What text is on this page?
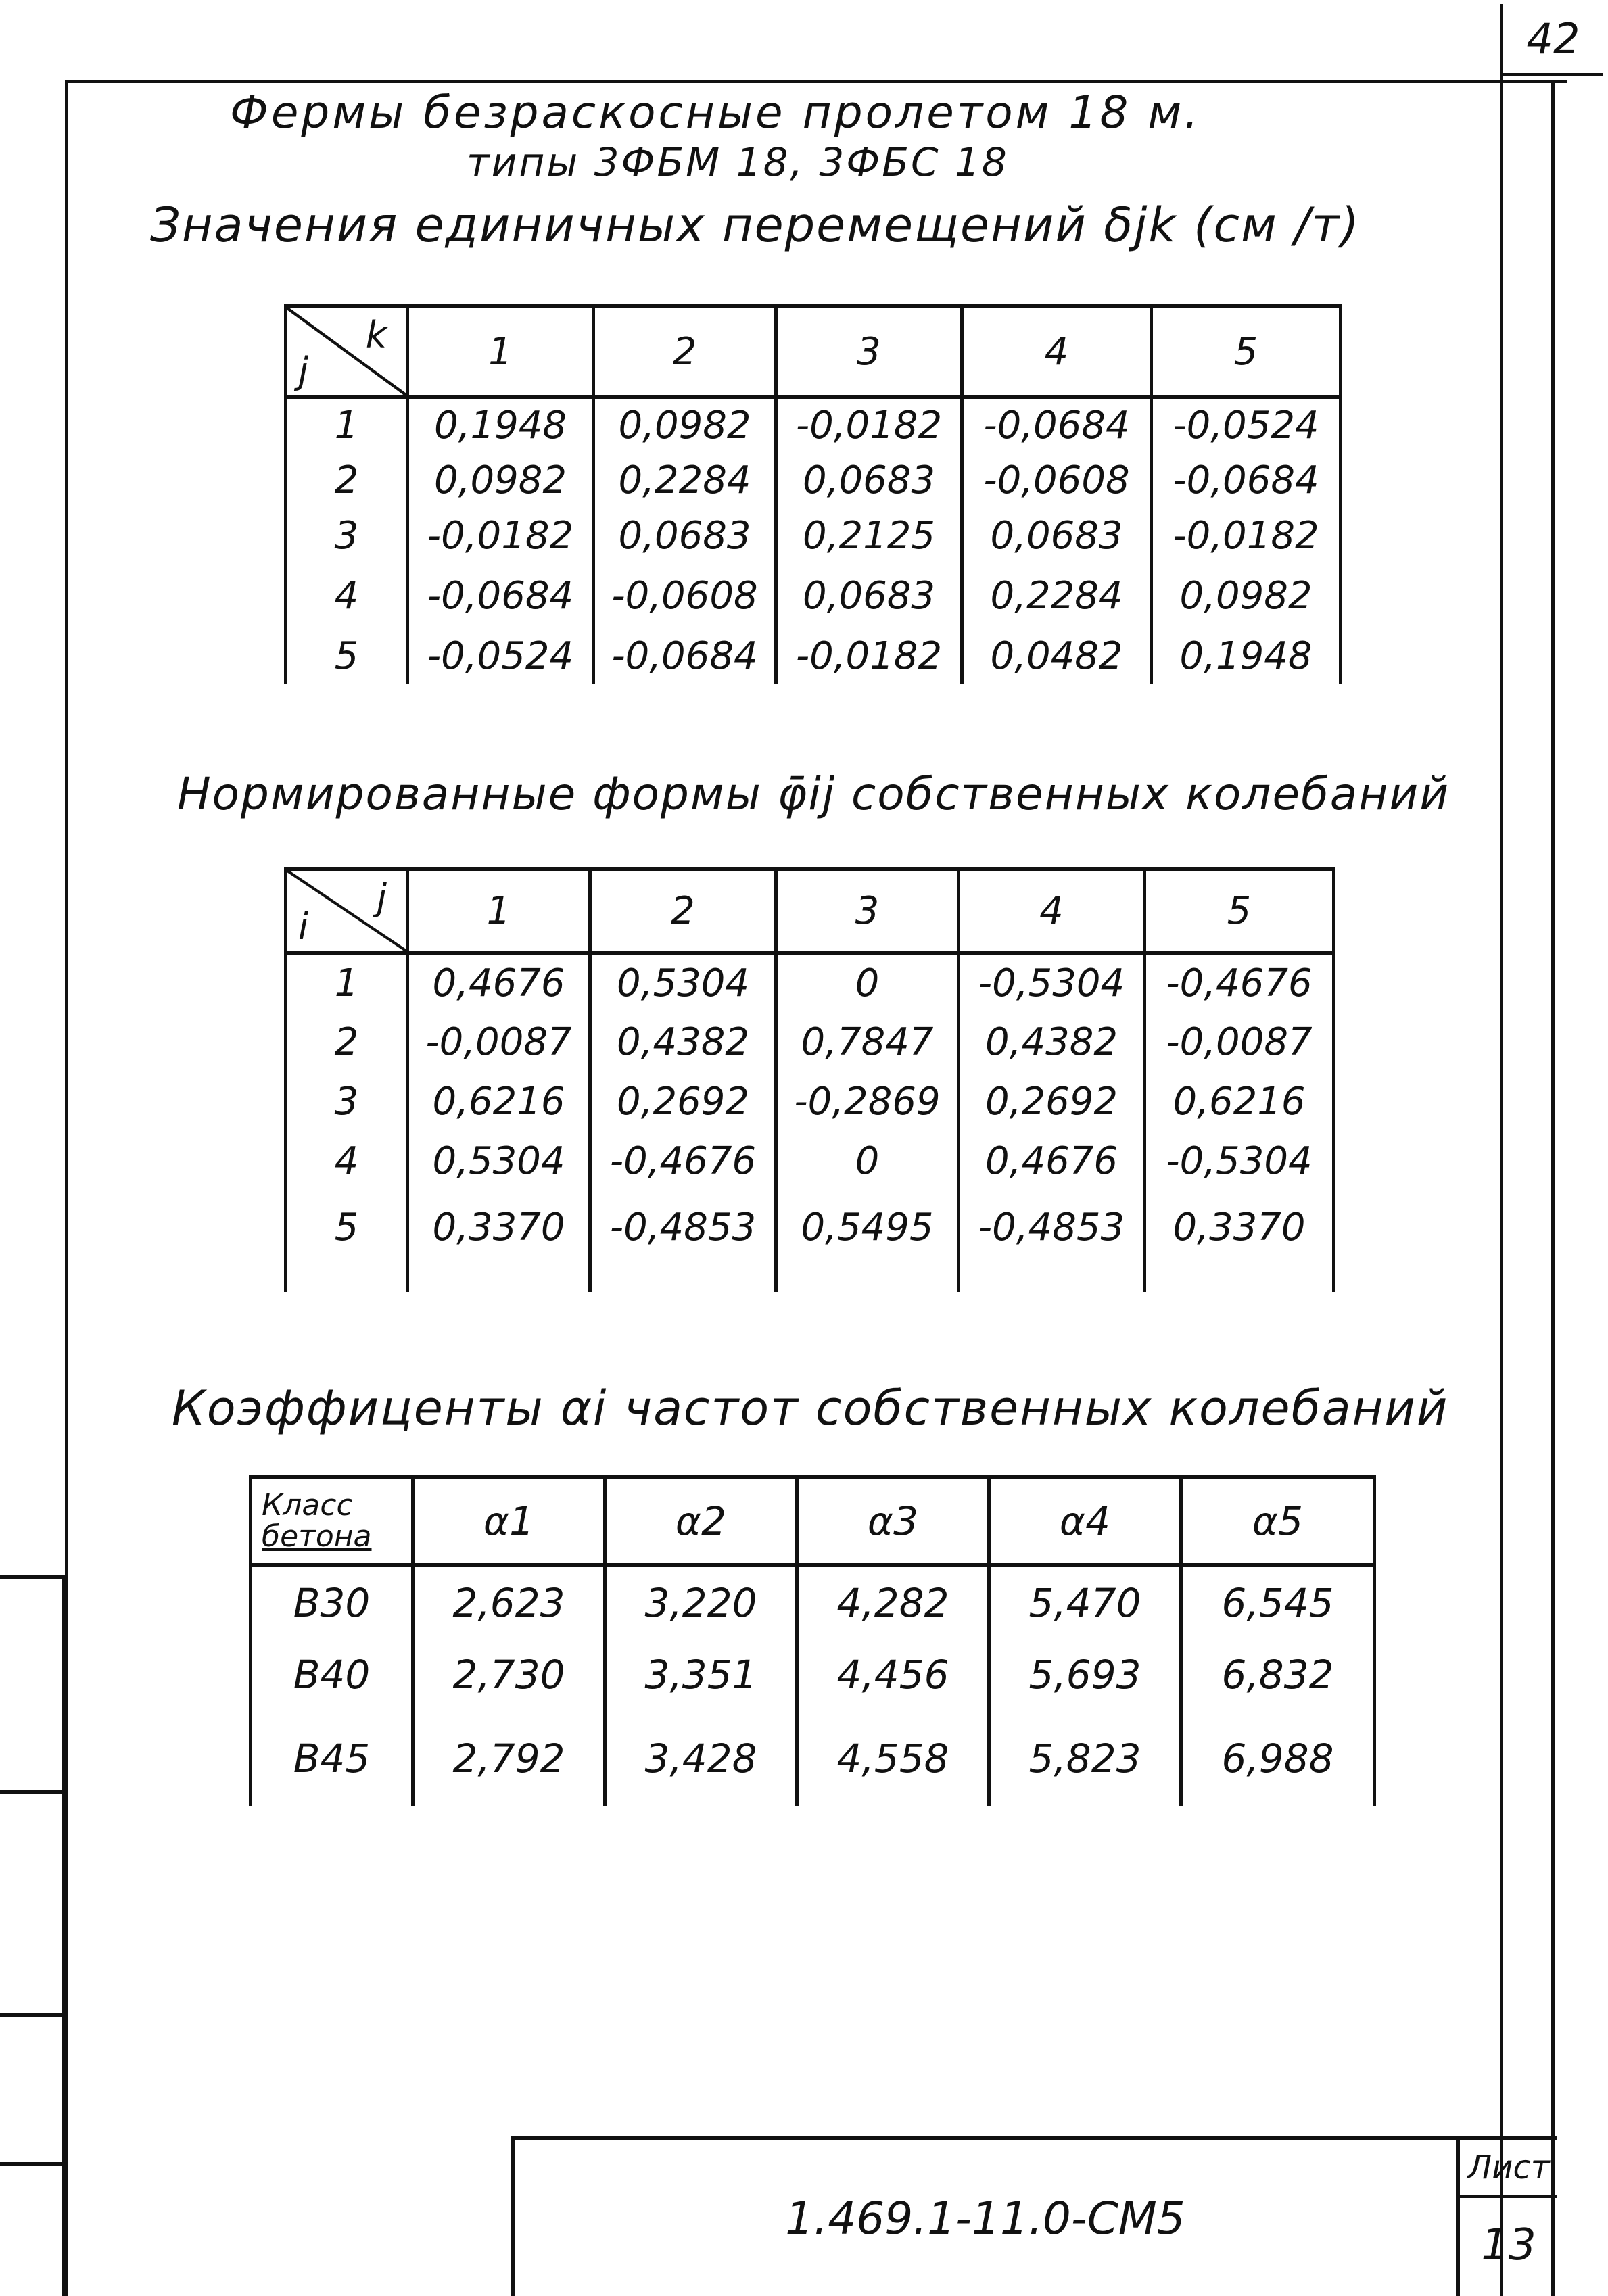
42
Фермы безраскосные пролетом 18 м.
типы 3ФБМ 18, 3ФБС 18
Значения единичных перемещений δjk (см /т)
k
j	1	2	3	4	5
1	0,1948	0,0982	-0,0182	-0,0684	-0,0524
2	0,0982	0,2284	0,0683	-0,0608	-0,0684
3	-0,0182	0,0683	0,2125	0,0683	-0,0182
4	-0,0684	-0,0608	0,0683	0,2284	0,0982
5	-0,0524	-0,0684	-0,0182	0,0482	0,1948
Нормированные формы φ̄ij собственных колебаний
j
i	1	2	3	4	5
1	0,4676	0,5304	0	-0,5304	-0,4676
2	-0,0087	0,4382	0,7847	0,4382	-0,0087
3	0,6216	0,2692	-0,2869	0,2692	0,6216
4	0,5304	-0,4676	0	0,4676	-0,5304
5	0,3370	-0,4853	0,5495	-0,4853	0,3370
Коэффиценты αi частот собственных колебаний
Класс
бетона	α1	α2	α3	α4	α5
B30	2,623	3,220	4,282	5,470	6,545
B40	2,730	3,351	4,456	5,693	6,832
B45	2,792	3,428	4,558	5,823	6,988
1.469.1-11.0-CM5
Лист
13
